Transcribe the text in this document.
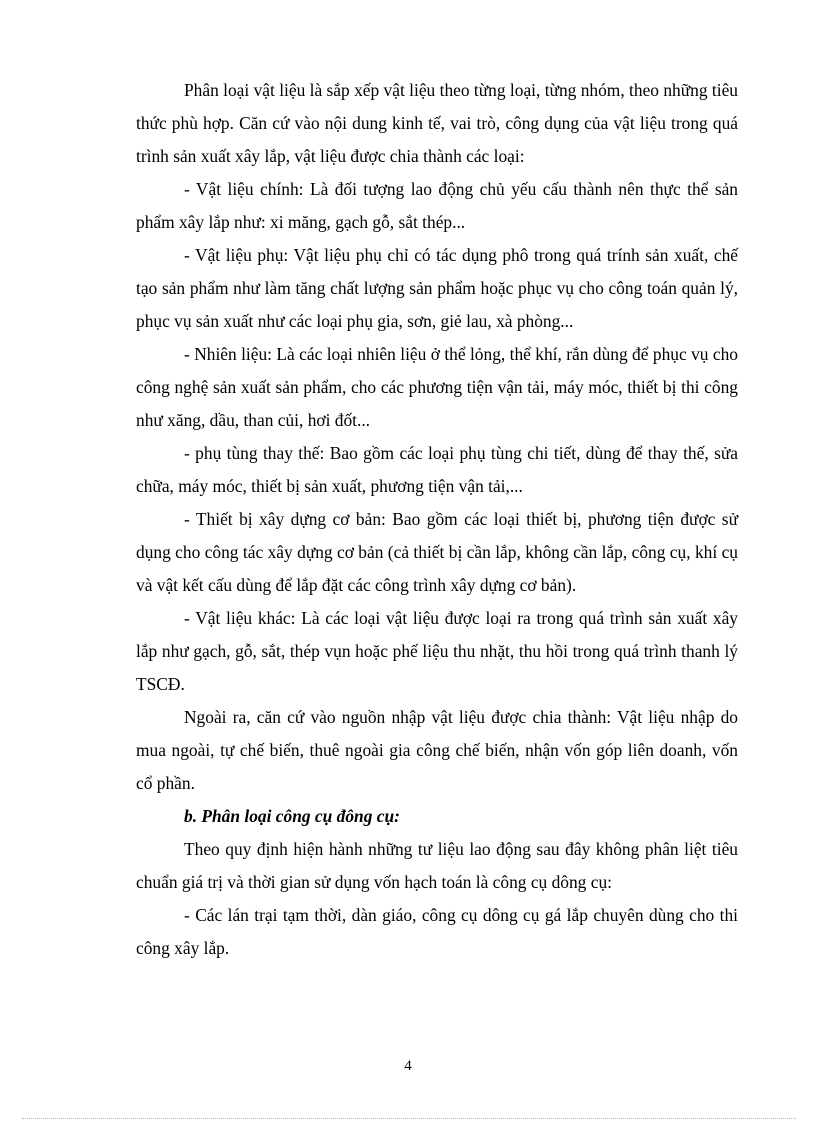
Phân loại vật liệu là sắp xếp vật liệu theo từng loại, từng nhóm, theo những tiêu thức phù hợp. Căn cứ vào nội dung kinh tế, vai trò, công dụng của vật liệu trong quá trình sản xuất xây lắp, vật liệu được chia thành các loại:

- Vật liệu chính: Là đối tượng lao động chủ yếu cấu thành nên thực thể sản phẩm xây lắp như: xi măng, gạch gỗ, sắt thép...

- Vật liệu phụ: Vật liệu phụ chỉ có tác dụng phô trong quá trính sản xuất, chế tạo sản phẩm như làm tăng chất lượng sản phẩm hoặc phục vụ cho công toán quản lý, phục vụ sản xuất như các loại phụ gia, sơn, giẻ lau, xà phòng...

- Nhiên liệu: Là các loại nhiên liệu ở thể lỏng, thể khí, rắn dùng để phục vụ cho công nghệ sản xuất sản phẩm, cho các phương tiện vận tải, máy móc, thiết bị thi công như xăng, dầu, than củi, hơi đốt...

- phụ tùng thay thế: Bao gồm các loại phụ tùng chi tiết, dùng để thay thế, sửa chữa, máy móc, thiết bị sản xuất, phương tiện vận tải,...

- Thiết bị xây dựng cơ bản: Bao gồm các loại thiết bị, phương tiện được sử dụng cho công tác xây dựng cơ bản (cả thiết bị cần lắp, không cần lắp, công cụ, khí cụ và vật kết cấu dùng để lắp đặt các công trình xây dựng cơ bản).

- Vật liệu khác: Là các loại vật liệu được loại ra trong quá trình sản xuất xây lắp như gạch, gỗ, sắt, thép vụn hoặc phế liệu thu nhặt, thu hồi trong quá trình thanh lý TSCĐ.

Ngoài ra, căn cứ vào nguồn nhập vật liệu được chia thành: Vật liệu nhập do mua ngoài, tự chế biến, thuê ngoài gia công chế biến, nhận vốn góp liên doanh, vốn cổ phần.

b. Phân loại công cụ đông cụ:

Theo quy định hiện hành những tư liệu lao động sau đây không phân liệt tiêu chuẩn giá trị và thời gian sử dụng vốn hạch toán là công cụ dông cụ:

- Các lán trại tạm thời, dàn giáo, công cụ dông cụ gá lắp chuyên dùng cho thi công xây lắp.

4
